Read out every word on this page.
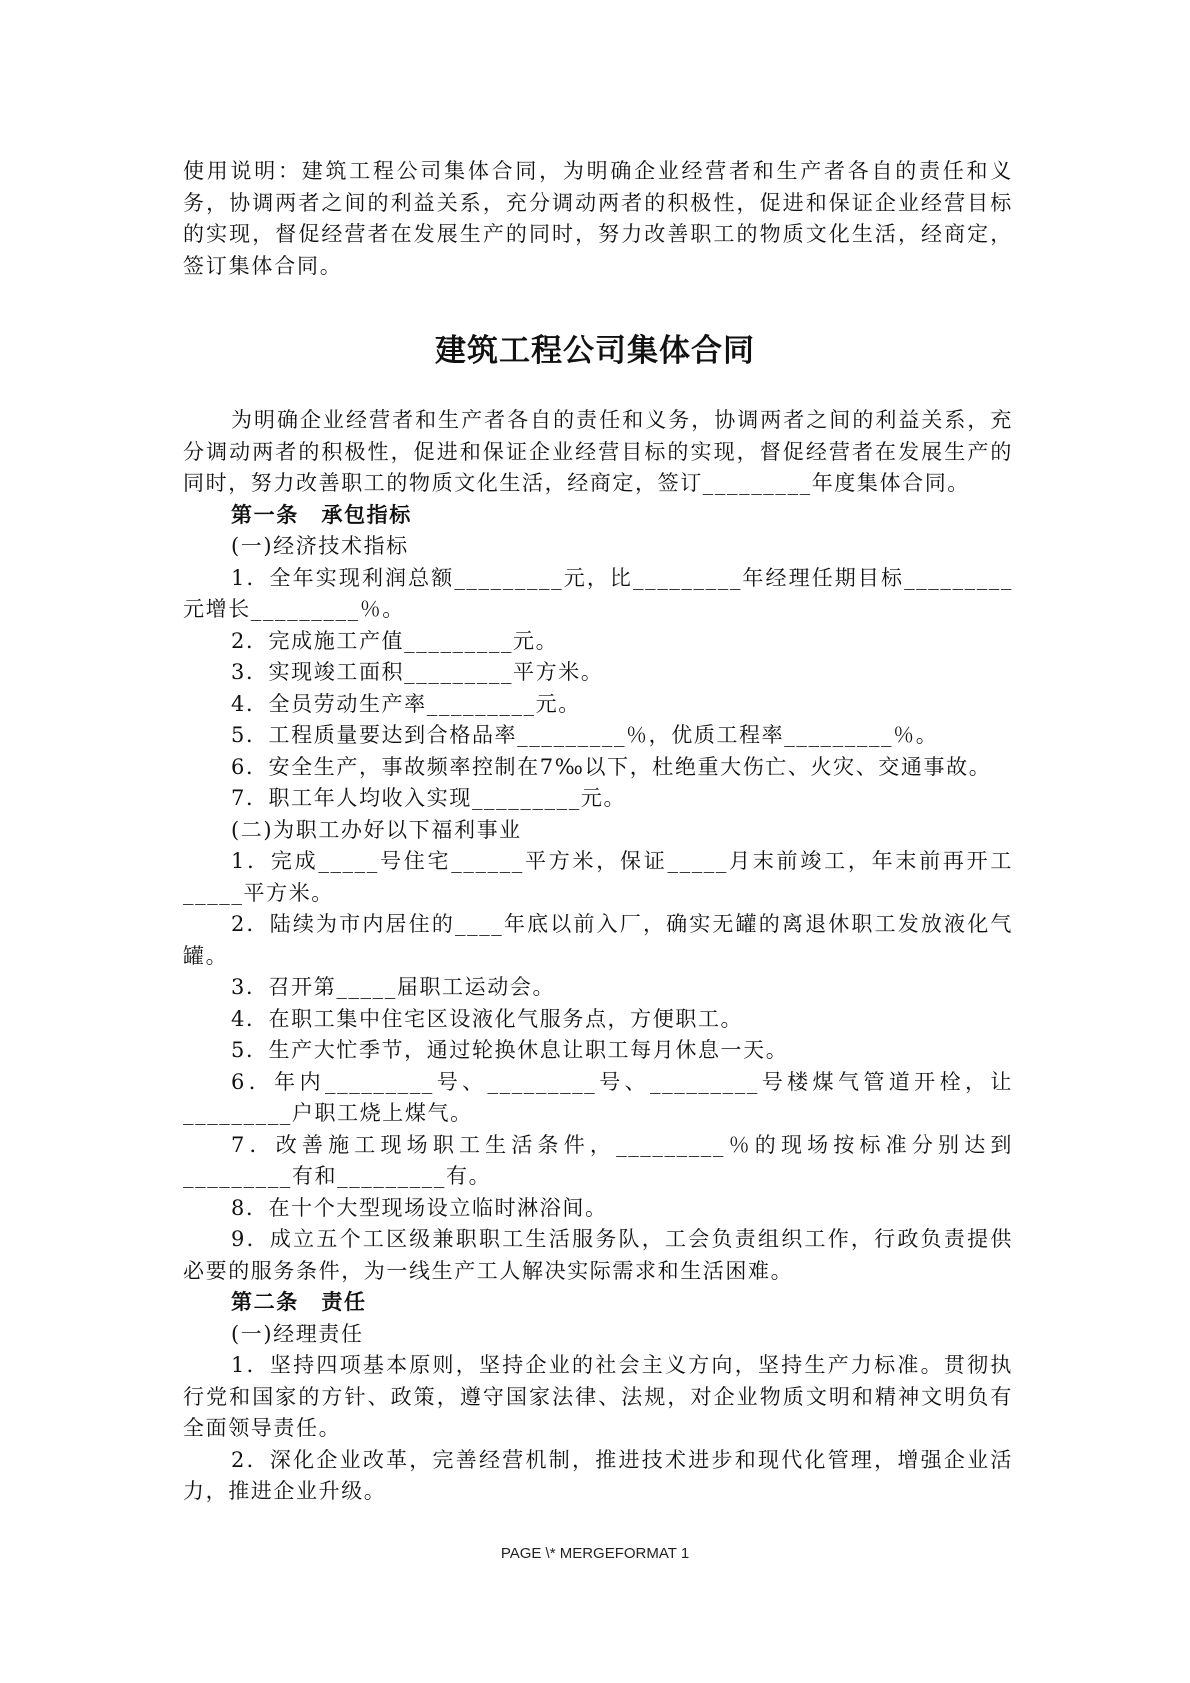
使用说明：建筑工程公司集体合同，为明确企业经营者和生产者各自的责任和义务，协调两者之间的利益关系，充分调动两者的积极性，促进和保证企业经营目标的实现，督促经营者在发展生产的同时，努力改善职工的物质文化生活，经商定，签订集体合同。
建筑工程公司集体合同

为明确企业经营者和生产者各自的责任和义务，协调两者之间的利益关系，充分调动两者的积极性，促进和保证企业经营目标的实现，督促经营者在发展生产的同时，努力改善职工的物质文化生活，经商定，签订_________年度集体合同。

第一条　承包指标

(一)经济技术指标

1．全年实现利润总额_________元，比_________年经理任期目标_________元增长_________％。

2．完成施工产值_________元。

3．实现竣工面积_________平方米。

4．全员劳动生产率_________元。

5．工程质量要达到合格品率_________％，优质工程率_________％。

6．安全生产，事故频率控制在7‰以下，杜绝重大伤亡、火灾、交通事故。

7．职工年人均收入实现_________元。

(二)为职工办好以下福利事业

1．完成_____号住宅______平方米，保证_____月末前竣工，年末前再开工_____平方米。

2．陆续为市内居住的____年底以前入厂，确实无罐的离退休职工发放液化气罐。

3．召开第_____届职工运动会。

4．在职工集中住宅区设液化气服务点，方便职工。

5．生产大忙季节，通过轮换休息让职工每月休息一天。

6．年内_________号、_________号、_________号楼煤气管道开栓，让_________户职工烧上煤气。

7．改善施工现场职工生活条件，_________％的现场按标准分别达到_________有和_________有。

8．在十个大型现场设立临时淋浴间。

9．成立五个工区级兼职职工生活服务队，工会负责组织工作，行政负责提供必要的服务条件，为一线生产工人解决实际需求和生活困难。

第二条　责任

(一)经理责任

1．坚持四项基本原则，坚持企业的社会主义方向，坚持生产力标准。贯彻执行党和国家的方针、政策，遵守国家法律、法规，对企业物质文明和精神文明负有全面领导责任。

2．深化企业改革，完善经营机制，推进技术进步和现代化管理，增强企业活力，推进企业升级。

PAGE \* MERGEFORMAT 1
